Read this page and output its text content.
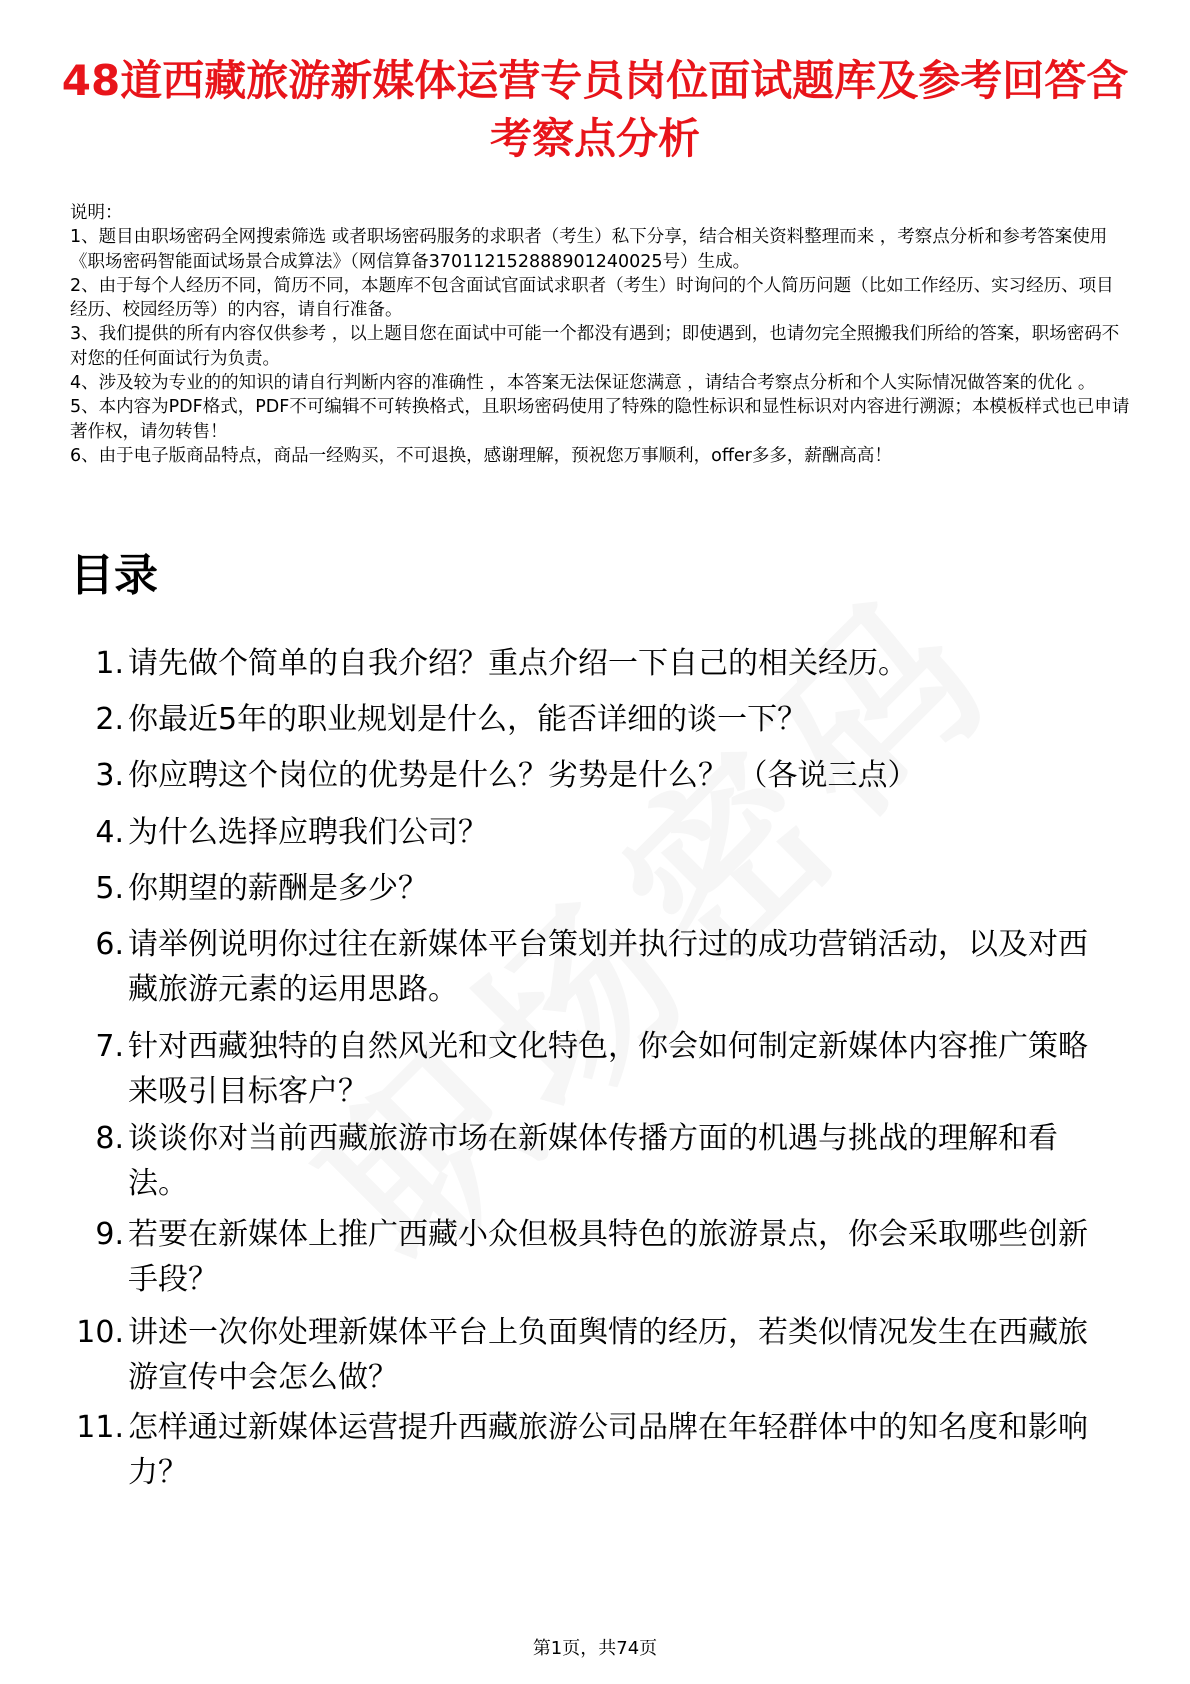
48道西藏旅游新媒体运营专员岗位面试题库及参考回答含考察点分析

说明：

1、题目由职场密码全网搜索筛选 或者职场密码服务的求职者（考生）私下分享，结合相关资料整理而来 ，考察点分析和参考答案使用《职场密码智能面试场景合成算法》（网信算备370112152888901240025号）生成。

2、由于每个人经历不同，简历不同，本题库不包含面试官面试求职者（考生）时询问的个人简历问题（比如工作经历、实习经历、项目经历、校园经历等）的内容，请自行准备。

3、我们提供的所有内容仅供参考 ，以上题目您在面试中可能一个都没有遇到；即使遇到，也请勿完全照搬我们所给的答案，职场密码不对您的任何面试行为负责。

4、涉及较为专业的的知识的请自行判断内容的准确性 ，本答案无法保证您满意 ，请结合考察点分析和个人实际情况做答案的优化 。

5、本内容为PDF格式，PDF不可编辑不可转换格式，且职场密码使用了特殊的隐性标识和显性标识对内容进行溯源；本模板样式也已申请著作权，请勿转售！

6、由于电子版商品特点，商品一经购买，不可退换，感谢理解，预祝您万事顺利，offer多多，薪酬高高！

目录
1. 请先做个简单的自我介绍？重点介绍一下自己的相关经历。
2. 你最近5年的职业规划是什么，能否详细的谈一下？
3. 你应聘这个岗位的优势是什么？劣势是什么？ （各说三点）
4. 为什么选择应聘我们公司？
5. 你期望的薪酬是多少？
6. 请举例说明你过往在新媒体平台策划并执行过的成功营销活动，以及对西藏旅游元素的运用思路。
7. 针对西藏独特的自然风光和文化特色，你会如何制定新媒体内容推广策略来吸引目标客户？
8. 谈谈你对当前西藏旅游市场在新媒体传播方面的机遇与挑战的理解和看法。
9. 若要在新媒体上推广西藏小众但极具特色的旅游景点，你会采取哪些创新手段？
10. 讲述一次你处理新媒体平台上负面舆情的经历，若类似情况发生在西藏旅游宣传中会怎么做？
11. 怎样通过新媒体运营提升西藏旅游公司品牌在年轻群体中的知名度和影响力？
第1页，共74页
